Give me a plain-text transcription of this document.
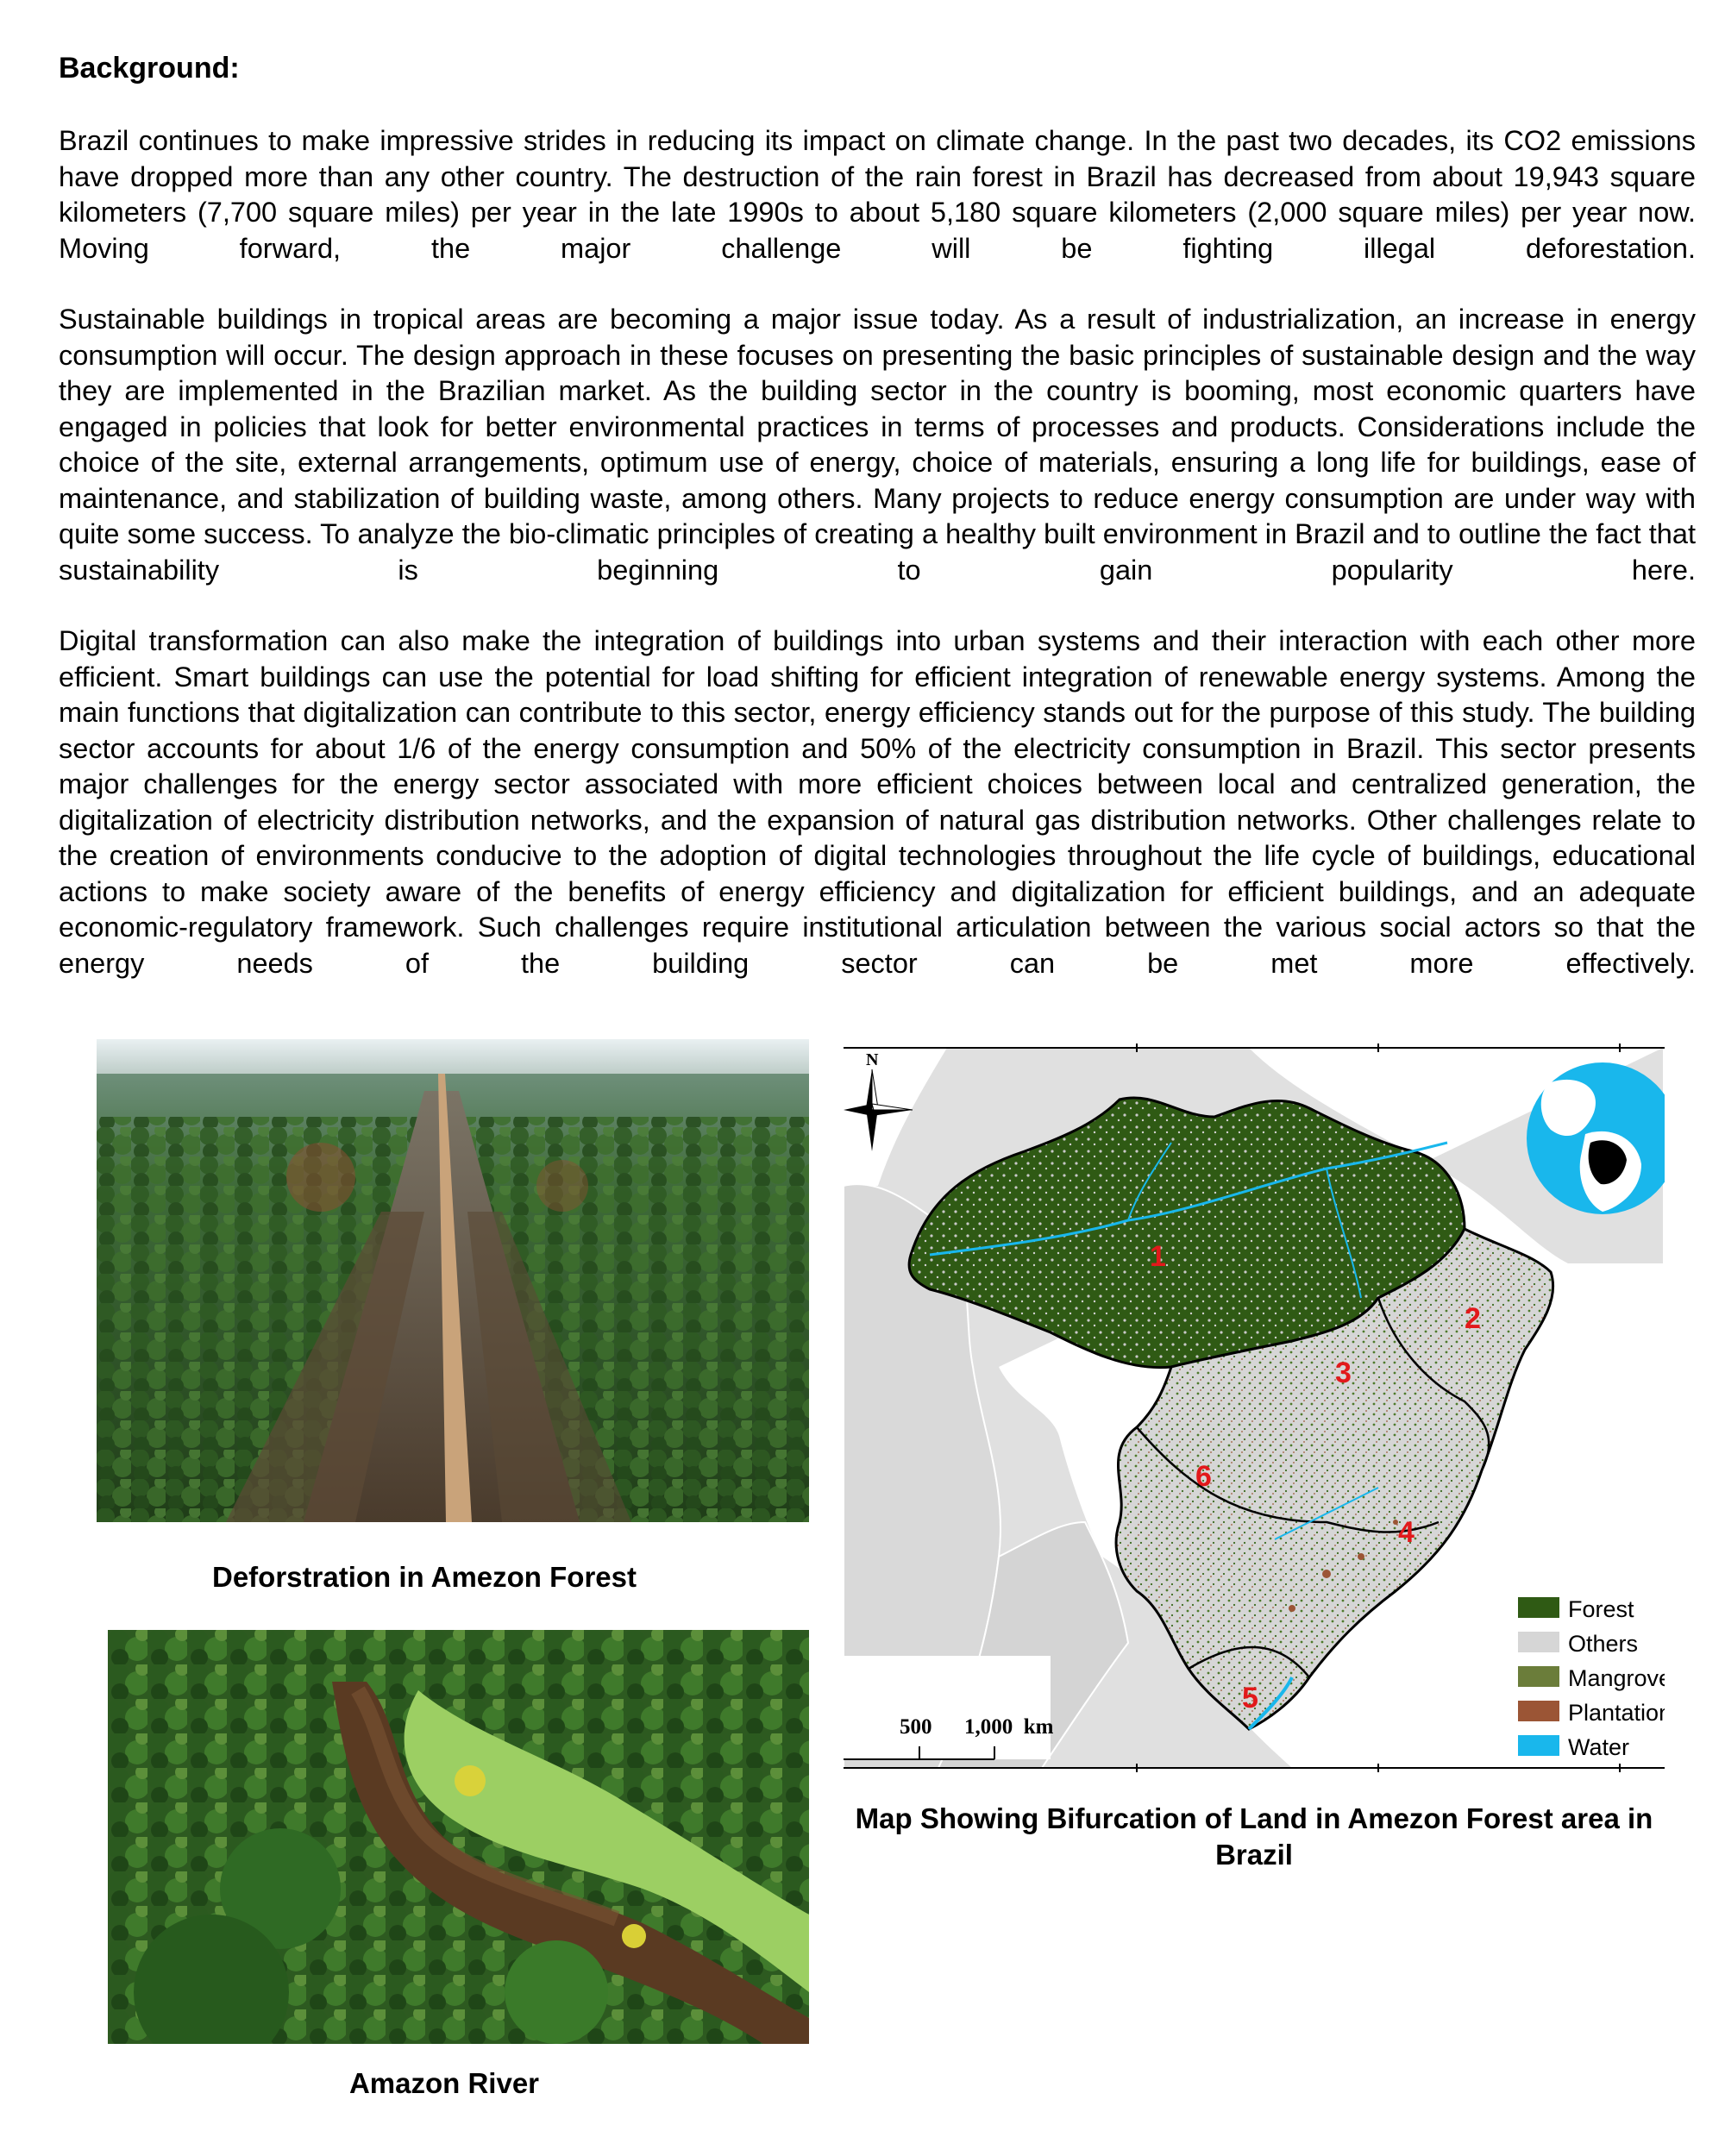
Background:

Brazil continues to make impressive strides in reducing its impact on climate change. In the past two decades, its CO2 emissions have dropped more than any other country. The destruction of the rain forest in Brazil has decreased from about 19,943 square kilometers (7,700 square miles) per year in the late 1990s to about 5,180 square kilometers (2,000 square miles) per year now. Moving forward, the major challenge will be fighting illegal deforestation.

Sustainable buildings in tropical areas are becoming a major issue today. As a result of industrialization, an increase in energy consumption will occur. The design approach in these focuses on presenting the basic principles of sustainable design and the way they are implemented in the Brazilian market. As the building sector in the country is booming, most economic quarters have engaged in policies that look for better environmental practices in terms of processes and products. Considerations include the choice of the site, external arrangements, optimum use of energy, choice of materials, ensuring a long life for buildings, ease of maintenance, and stabilization of building waste, among others. Many projects to reduce energy consumption are under way with quite some success. To analyze the bio-climatic principles of creating a healthy built environment in Brazil and to outline the fact that sustainability is beginning to gain popularity here.

Digital transformation can also make the integration of buildings into urban systems and their interaction with each other more efficient. Smart buildings can use the potential for load shifting for efficient integration of renewable energy systems. Among the main functions that digitalization can contribute to this sector, energy efficiency stands out for the purpose of this study. The building sector accounts for about 1/6 of the energy consumption and 50% of the electricity consumption in Brazil. This sector presents major challenges for the energy sector associated with more efficient choices between local and centralized generation, the digitalization of electricity distribution networks, and the expansion of natural gas distribution networks. Other challenges relate to the creation of environments conducive to the adoption of digital technologies throughout the life cycle of buildings, educational actions to make society aware of the benefits of energy efficiency and digitalization for efficient buildings, and an adequate economic-regulatory framework. Such challenges require institutional articulation between the various social actors so that the energy needs of the building sector can be met more effectively.

Deforstration in Amezon Forest
Amazon River
N
1
2
3
4
5
6
500 1,000  km
Forest
Others
Mangrove
Plantation
Water
Map Showing Bifurcation of Land in Amezon Forest area in Brazil
